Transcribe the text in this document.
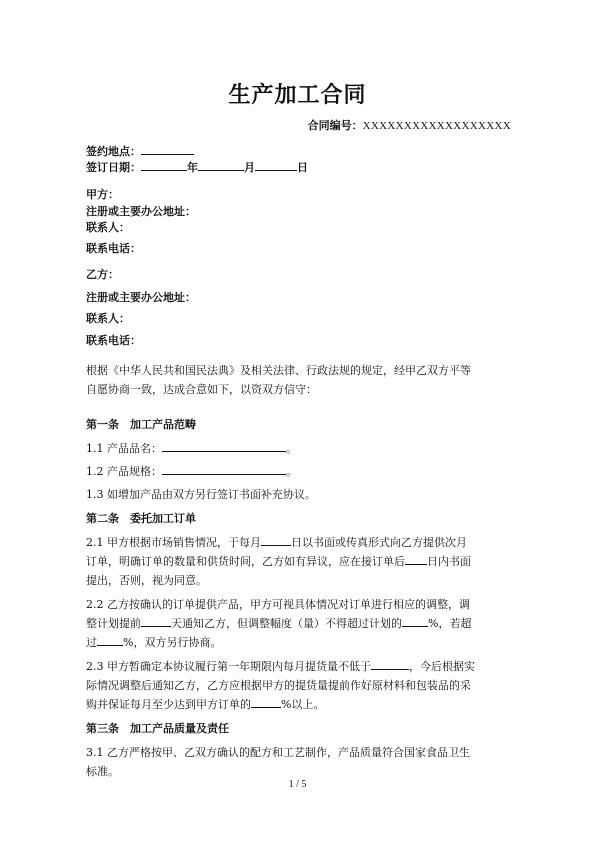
生产加工合同
合同编号：XXXXXXXXXXXXXXXXXX
签约地点：
签订日期：	年	月	日
甲方：
注册或主要办公地址：
联系人：
联系电话：
乙方：
注册或主要办公地址：
联系人：
联系电话：
根据《中华人民共和国民法典》及相关法律、行政法规的规定，经甲乙双方平等
自愿协商一致，达成合意如下，以资双方信守：
第一条　加工产品范畴
1.1 产品品名：	。
1.2 产品规格：	。
1.3 如增加产品由双方另行签订书面补充协议。
第二条　委托加工订单
2.1 甲方根据市场销售情况，于每月	日以书面或传真形式向乙方提供次月
订单，明确订单的数量和供货时间，乙方如有异议，应在接订单后 日内书面
提出，否则，视为同意。
2.2 乙方按确认的订单提供产品，甲方可视具体情况对订单进行相应的调整，调
整计划提前	天通知乙方，但调整幅度（量）不得超过计划的 %，若超
过 %，双方另行协商。
2.3 甲方暂确定本协议履行第一年期限内每月提货量不低于	，今后根据实
际情况调整后通知乙方，乙方应根据甲方的提货量提前作好原材料和包装品的采
购并保证每月至少达到甲方订单的	%以上。
第三条　加工产品质量及责任
3.1 乙方严格按甲、乙双方确认的配方和工艺制作，产品质量符合国家食品卫生
标准。
1 / 5
